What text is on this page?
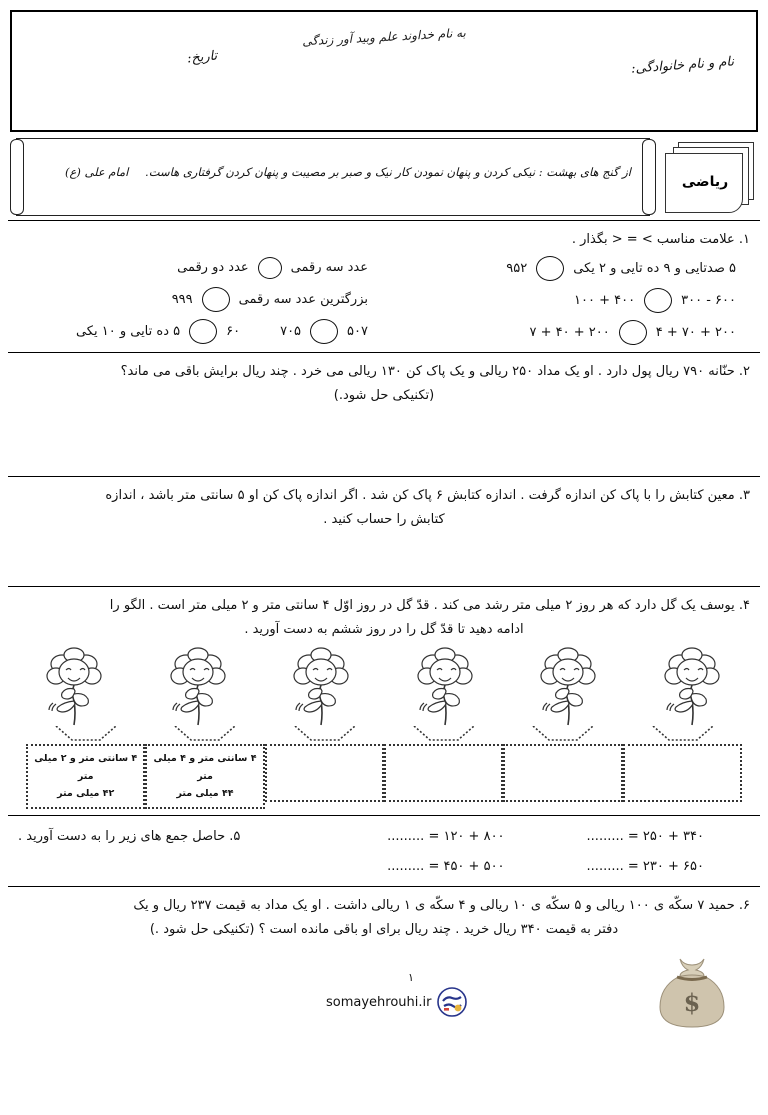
به نام خداوند علم وبید آور زندگی
نام و نام خانوادگی:
تاریخ:
ریاضی
از گنج های بهشت : نیکی کردن و پنهان نمودن کار نیک و صبر بر مصیبت و پنهان کردن گرفتاری هاست.
امام علی (ع)
۱. علامت مناسب > = < بگذار .
۵ صدتایی و ۹ ده تایی و ۲ یکی
۹۵۲
۶۰۰ - ۳۰۰
۴۰۰ + ۱۰۰
۲۰۰ + ۷۰ + ۴
۲۰۰ + ۴۰ + ۷
عدد سه رقمی
عدد دو رقمی
بزرگترین عدد سه رقمی
۹۹۹
۵۰۷
۷۰۵
۶۰
۵ ده تایی و ۱۰ یکی
۲. حنّانه ۷۹۰ ریال پول دارد . او یک مداد ۲۵۰ ریالی و یک پاک کن ۱۳۰ ریالی می خرد . چند ریال برایش باقی می ماند؟
(تکنیکی حل شود.)
۳. معین کتابش را با پاک کن اندازه گرفت . اندازه کتابش ۶ پاک کن شد . اگر اندازه پاک کن او ۵ سانتی متر باشد ، اندازه
کتابش را حساب کنید .
۴. یوسف یک گل دارد که هر روز ۲ میلی متر رشد می کند . قدّ گل در روز اوّل ۴ سانتی متر و ۲ میلی متر است . الگو را
ادامه دهید تا قدّ گل را در روز ششم به دست آورید .
۴ سانتی متر و ۴ میلی متر
۴۴ میلی متر
۴ سانتی متر و ۲ میلی متر
۴۲ میلی متر
۳۴۰ + ۲۵۰ = .........
۸۰۰ + ۱۲۰ = .........
۵. حاصل جمع های زیر را به دست آورید .
۶۵۰ + ۲۳۰ = .........
۵۰۰ + ۴۵۰ = .........
۶. حمید ۷ سکّه ی ۱۰۰ ریالی و ۵ سکّه ی ۱۰ ریالی و ۴ سکّه ی ۱ ریالی داشت . او یک مداد به قیمت ۲۳۷ ریال و یک
دفتر به قیمت ۳۴۰ ریال خرید . چند ریال برای او باقی مانده است ؟ (تکنیکی حل شود .)
$
۱
somayehrouhi.ir
